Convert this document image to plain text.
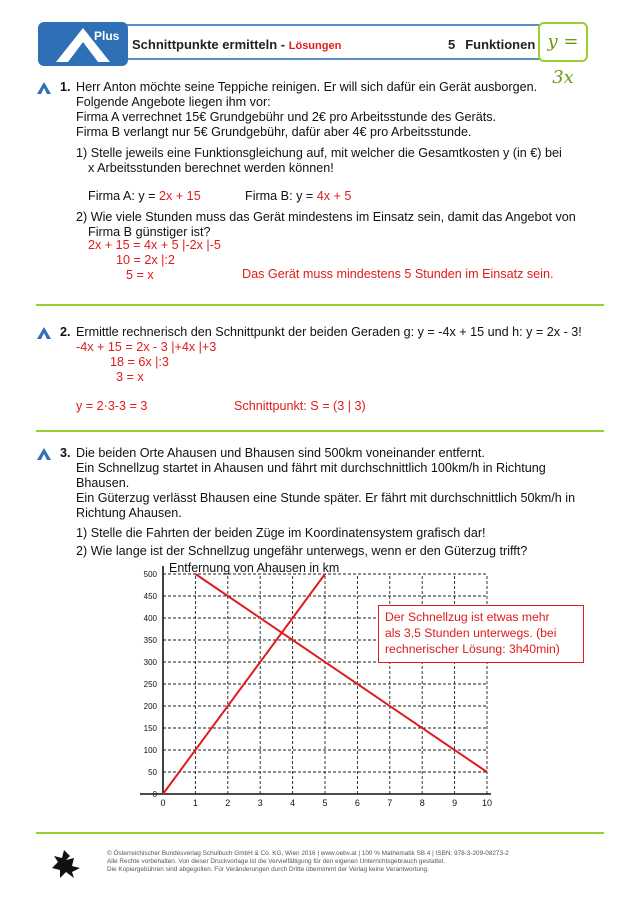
Plus
Schnittpunkte ermitteln - Lösungen	5 Funktionen y = 3x
1. Herr Anton möchte seine Teppiche reinigen. Er will sich dafür ein Gerät ausborgen.
Folgende Angebote liegen ihm vor:
Firma A verrechnet 15€ Grundgebühr und 2€ pro Arbeitsstunde des Geräts.
Firma B verlangt nur 5€ Grundgebühr, dafür aber 4€ pro Arbeitsstunde.
1) Stelle jeweils eine Funktionsgleichung auf, mit welcher die Gesamtkosten y (in €) bei
x Arbeitsstunden berechnet werden können!
Firma A: y = 2x + 15	Firma B: y = 4x + 5
2) Wie viele Stunden muss das Gerät mindestens im Einsatz sein, damit das Angebot von
Firma B günstiger ist?
2x + 15 = 4x + 5 |-2x |-5
10 = 2x |:2
5 = x	Das Gerät muss mindestens 5 Stunden im Einsatz sein.
2. Ermittle rechnerisch den Schnittpunkt der beiden Geraden g: y = -4x + 15 und h: y = 2x - 3!
-4x + 15 = 2x - 3 |+4x |+3
18 = 6x |:3
3 = x
y = 2·3-3 = 3	Schnittpunkt: S = (3 | 3)
3. Die beiden Orte Ahausen und Bhausen sind 500km voneinander entfernt.
Ein Schnellzug startet in Ahausen und fährt mit durchschnittlich 100km/h in Richtung
Bhausen.
Ein Güterzug verlässt Bhausen eine Stunde später. Er fährt mit durchschnittlich 50km/h in
Richtung Ahausen.
1) Stelle die Fahrten der beiden Züge im Koordinatensystem grafisch dar!
2) Wie lange ist der Schnellzug ungefähr unterwegs, wenn er den Güterzug trifft?
0
50
100
150
200
250
300
350
400
450
500
0	1	2	3	4	5	6	7	8	9	10
Entfernung von Ahausen in km
Der Schnellzug ist etwas mehr
als 3,5 Stunden unterwegs. (bei
rechnerischer Lösung: 3h40min)
© Österreichischer Bundesverlag Schulbuch GmbH & Co. KG, Wien 2016 | www.oebv.at | 100 % Mathematik SB 4 | ISBN: 978-3-209-08273-2
Alle Rechte vorbehalten. Von dieser Druckvorlage ist die Vervielfältigung für den eigenen Unterrichtsgebrauch gestattet.
Die Kopiergebühren sind abgegolten. Für Veränderungen durch Dritte übernimmt der Verlag keine Verantwortung.
